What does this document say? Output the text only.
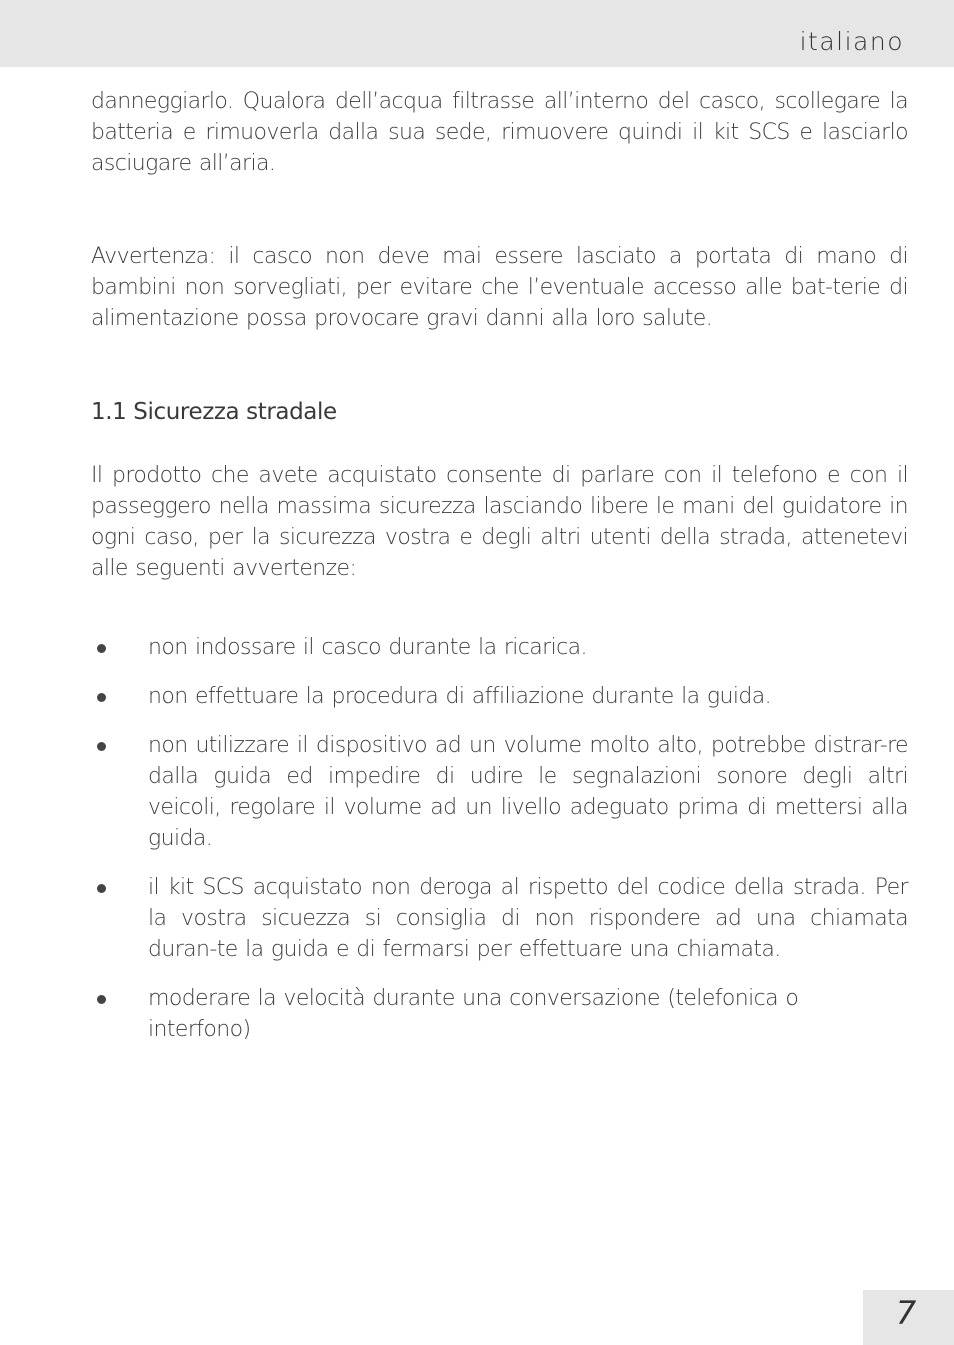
italiano

danneggiarlo. Qualora dell’acqua filtrasse all’interno del casco, scollegare la batteria e rimuoverla dalla sua sede, rimuovere quindi il kit SCS e lasciarlo asciugare all’aria.

Avvertenza: il casco non deve mai essere lasciato a portata di mano di bambini non sorvegliati, per evitare che l’eventuale accesso alle bat-terie di alimentazione possa provocare gravi danni alla loro salute.

1.1 Sicurezza stradale

Il prodotto che avete acquistato consente di parlare con il telefono e con il passeggero nella massima sicurezza lasciando libere le mani del guidatore in ogni caso, per la sicurezza vostra e degli altri utenti della strada, attenetevi alle seguenti avvertenze:

non indossare il casco durante la ricarica.
non effettuare la procedura di affiliazione durante la guida.
non utilizzare il dispositivo ad un volume molto alto, potrebbe distrar-re dalla guida ed impedire di udire le segnalazioni sonore degli altri veicoli, regolare il volume ad un livello adeguato prima di mettersi alla guida.
il kit SCS acquistato non deroga al rispetto del codice della strada. Per la vostra sicuezza si consiglia di non rispondere ad una chiamata duran-te la guida e di fermarsi per effettuare una chiamata.
moderare la velocità durante una conversazione (telefonica o interfono)
7
